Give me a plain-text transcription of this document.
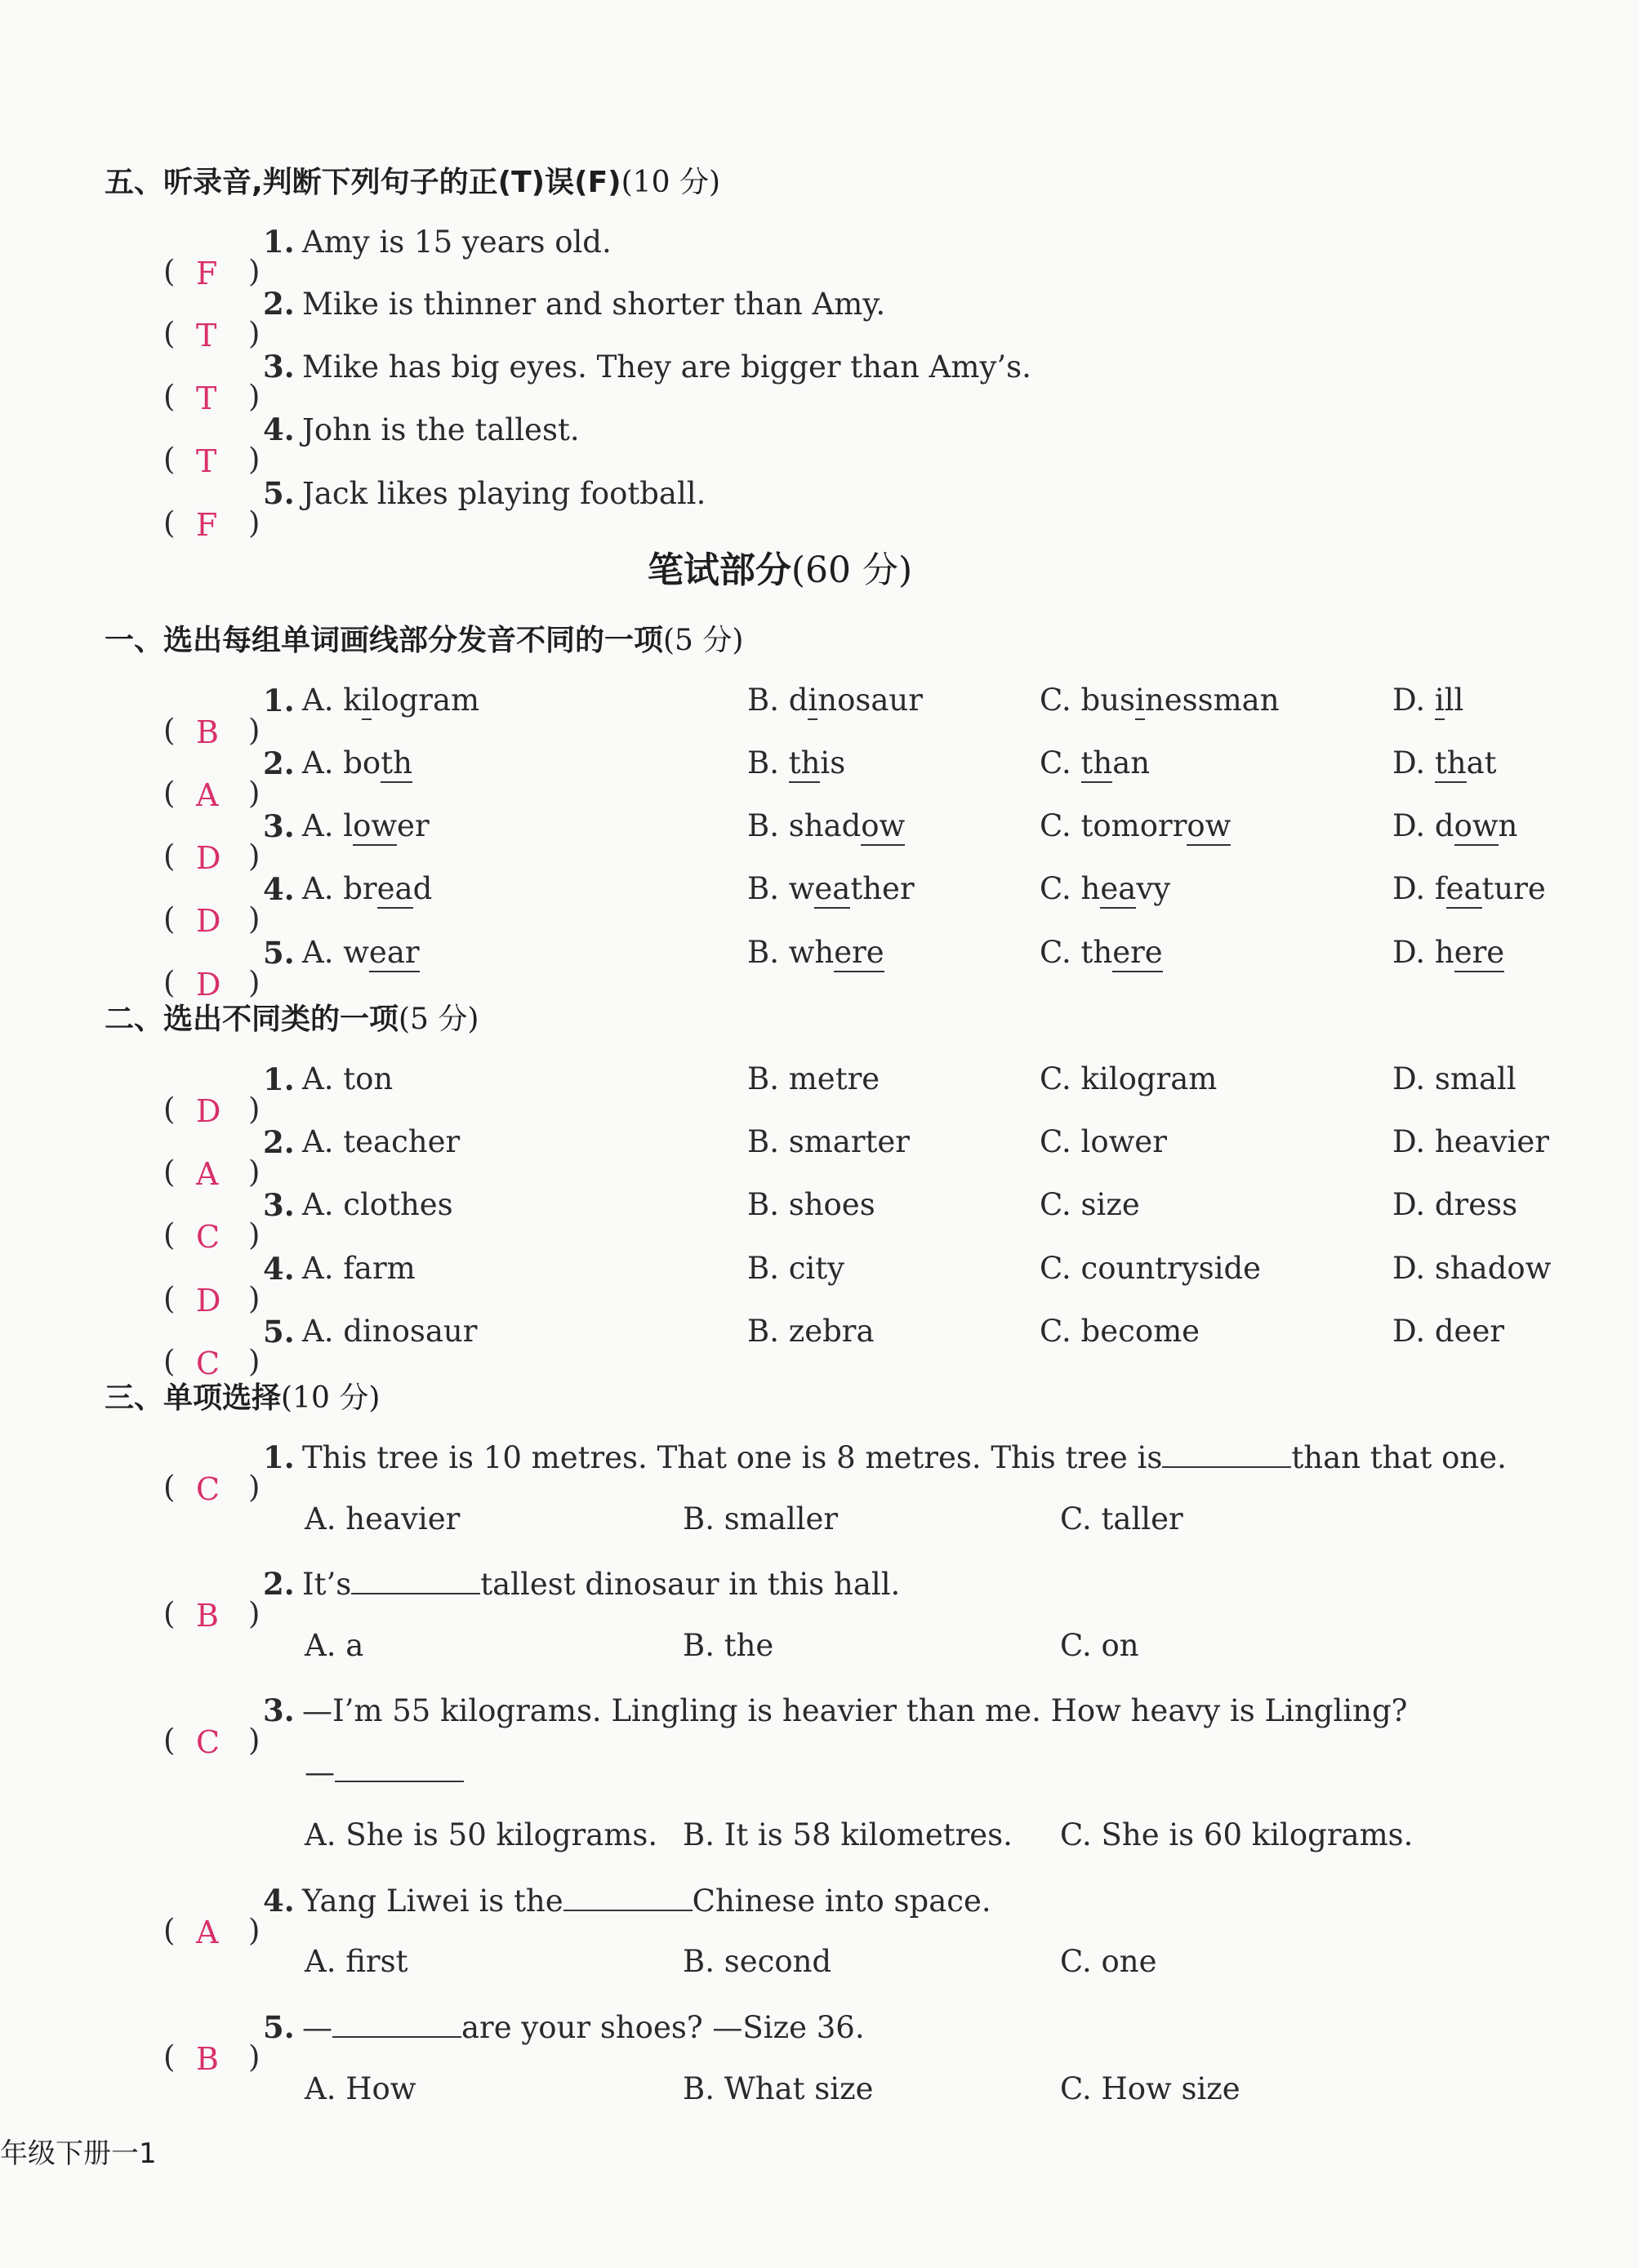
五、听录音,判断下列句子的正(T)误(F)(10 分)
( F )
1. Amy is 15 years old.
( T )
2. Mike is thinner and shorter than Amy.
( T )
3. Mike has big eyes. They are bigger than Amy’s.
( T )
4. John is the tallest.
( F )
5. Jack likes playing football.
笔试部分(60 分)
一、选出每组单词画线部分发音不同的一项(5 分)
( B )
1. A. kilogram	B. dinosaur	C. businessman	D. ill
( A )
2. A. both	B. this	C. than	D. that
( D )
3. A. lower	B. shadow	C. tomorrow	D. down
( D )
4. A. bread	B. weather	C. heavy	D. feature
( D )
5. A. wear	B. where	C. there	D. here
二、选出不同类的一项(5 分)
( D )
1. A. ton	B. metre	C. kilogram	D. small
( A )
2. A. teacher	B. smarter	C. lower	D. heavier
( C )
3. A. clothes	B. shoes	C. size	D. dress
( D )
4. A. farm	B. city	C. countryside	D. shadow
( C )
5. A. dinosaur	B. zebra	C. become	D. deer
三、单项选择(10 分)
( C )
1. This tree is 10 metres. That one is 8 metres. This tree is	than that one.
A. heavier	B. smaller	C. taller
( B )
2. It’s	tallest dinosaur in this hall.
A. a	B. the	C. on
( C )
3. —I’m 55 kilograms. Lingling is heavier than me. How heavy is Lingling?
—
A. She is 50 kilograms. B. It is 58 kilometres. C. She is 60 kilograms.
( A )
4. Yang Liwei is the	Chinese into space.
A. first	B. second	C. one
( B )
5. —	are your shoes? —Size 36.
A. How	B. What size	C. How size
年级下册一1
